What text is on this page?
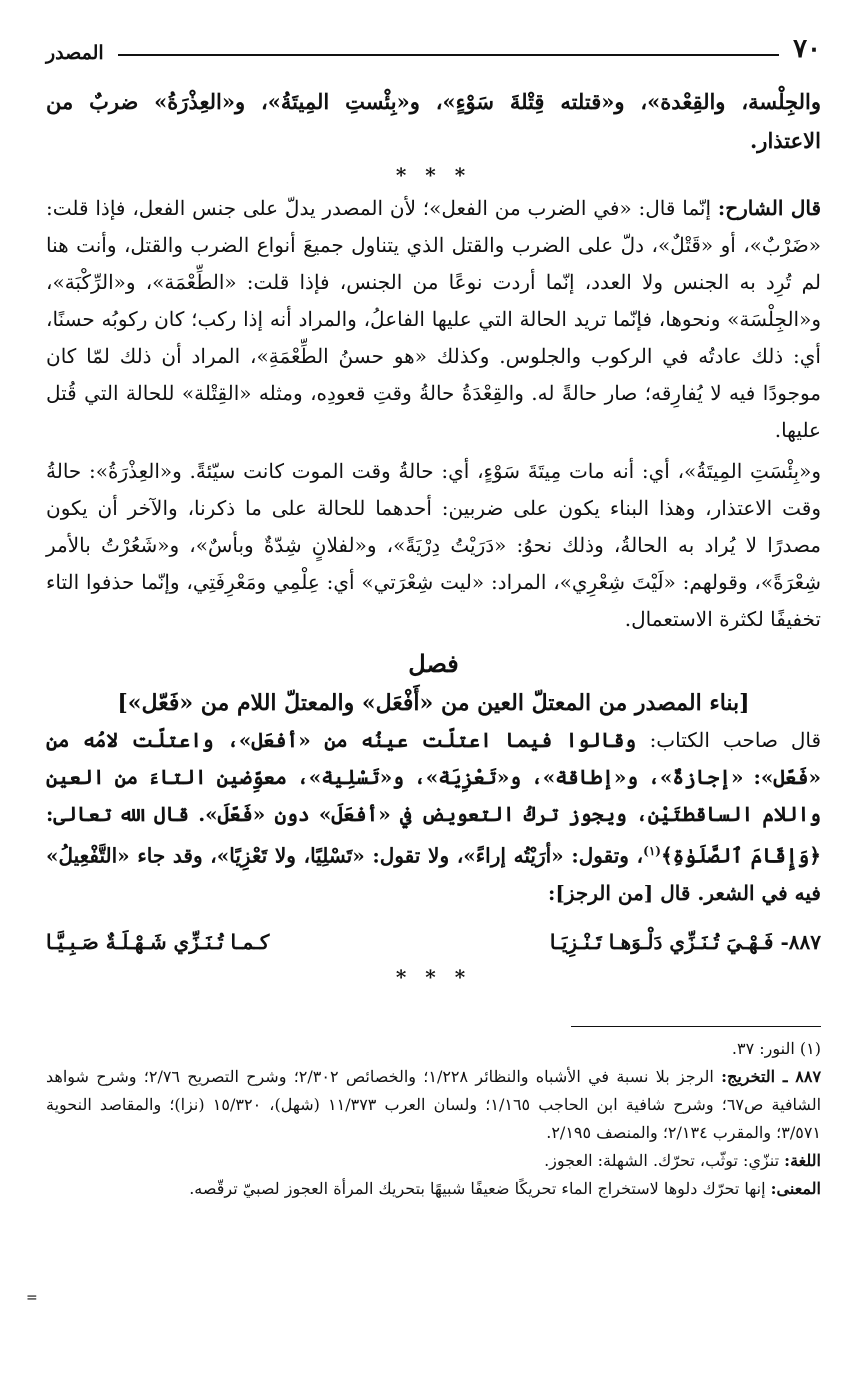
٧٠
المصدر

والجِلْسة، والقِعْدة»، و«قتلته قِتْلةَ سَوْءٍ»، و«بِئْستِ المِيتَةُ»، و«العِذْرَةُ» ضربٌ من الاعتذار.

* * *

قال الشارح: إنّما قال: «في الضرب من الفعل»؛ لأن المصدر يدلّ على جنس الفعل، فإذا قلت: «ضَرْبٌ»، أو «قَتْلٌ»، دلّ على الضرب والقتل الذي يتناول جميعَ أنواع الضرب والقتل، وأنت هنا لم تُرِد به الجنس ولا العدد، إنّما أردت نوعًا من الجنس، فإذا قلت: «الطِّعْمَة»، و«الرِّكْبَة»، و«الجِلْسَة» ونحوها، فإنّما تريد الحالة التي عليها الفاعلُ، والمراد أنه إذا ركب؛ كان ركوبُه حسنًا، أي: ذلك عادتُه في الركوب والجلوس. وكذلك «هو حسنُ الطِّعْمَةِ»، المراد أن ذلك لمّا كان موجودًا فيه لا يُفارِقه؛ صار حالةً له. والقِعْدَةُ حالةُ وقتِ قعودِه، ومثله «القِتْلة» للحالة التي قُتل عليها.

و«بِئْسَتِ المِيتَةُ»، أي: أنه مات مِيتَةَ سَوْءٍ، أي: حالةُ وقت الموت كانت سيّئةً. و«العِذْرَةُ»: حالةُ وقت الاعتذار، وهذا البناء يكون على ضربين: أحدهما للحالة على ما ذكرنا، والآخر أن يكون مصدرًا لا يُراد به الحالةُ، وذلك نحوُ: «دَرَيْتُ دِرْيَةً»، و«لفلانٍ شِدّةٌ وبأسٌ»، و«شَعُرْتُ بالأمر شِعْرَةً»، وقولهم: «لَيْتَ شِعْرِي»، المراد: «ليت شِعْرَتي» أي: عِلْمِي ومَعْرِفَتِي، وإنّما حذفوا التاء تخفيفًا لكثرة الاستعمال.

فصل
[بناء المصدر من المعتلّ العين من «أَفْعَل» والمعتلّ اللام من «فَعّل»]

قال صاحب الكتاب: وقالوا فيما اعتلّت عينُه من «أفعَل»، واعتلّت لامُه من «فَعّل»: «إجازةٌ»، و«إطاقة»، و«تَعْزِيَة»، و«تَسْلِية»، معوِّضين التاءَ من العين واللام الساقطتَيْن، ويجوز تركُ التعويض في «أفعَلَ» دون «فَعّلَ». قال الله تعالى: ﴿وَإِقَامَ ٱلصَّلَوٰةِ﴾$^{(١)}$، وتقول: «أرَيْتُه إراءً»، ولا تقول: «تَسْلِيًا، ولا تَعْزِيًا»، وقد جاء «التَّفْعِيلُ» فيه في الشعر. قال [من الرجز]:

٨٨٧- فَـهْـيَ تُـنَـزِّي دَلْـوَهـا تَـنْـزِيَـا
كـمـا تُـنَـزِّي شَـهْـلَـةٌ صَـبِـيَّـا
* * *

(١) النور: ٣٧.

٨٨٧ ـ التخريج: الرجز بلا نسبة في الأشباه والنظائر ١/٢٢٨؛ والخصائص ٢/٣٠٢؛ وشرح التصريح ٢/٧٦؛ وشرح شواهد الشافية ص٦٧؛ وشرح شافية ابن الحاجب ١/١٦٥؛ ولسان العرب ١١/٣٧٣ (شهل)، ١٥/٣٢٠ (نزا)؛ والمقاصد النحوية ٣/٥٧١؛ والمقرب ٢/١٣٤؛ والمنصف ٢/١٩٥.

اللغة: تنزّي: توثّب، تحرّك. الشهلة: العجوز.

المعنى: إنها تحرّك دلوها لاستخراج الماء تحريكًا ضعيفًا شبيهًا بتحريك المرأة العجوز لصبيّ ترقّصه.

=
